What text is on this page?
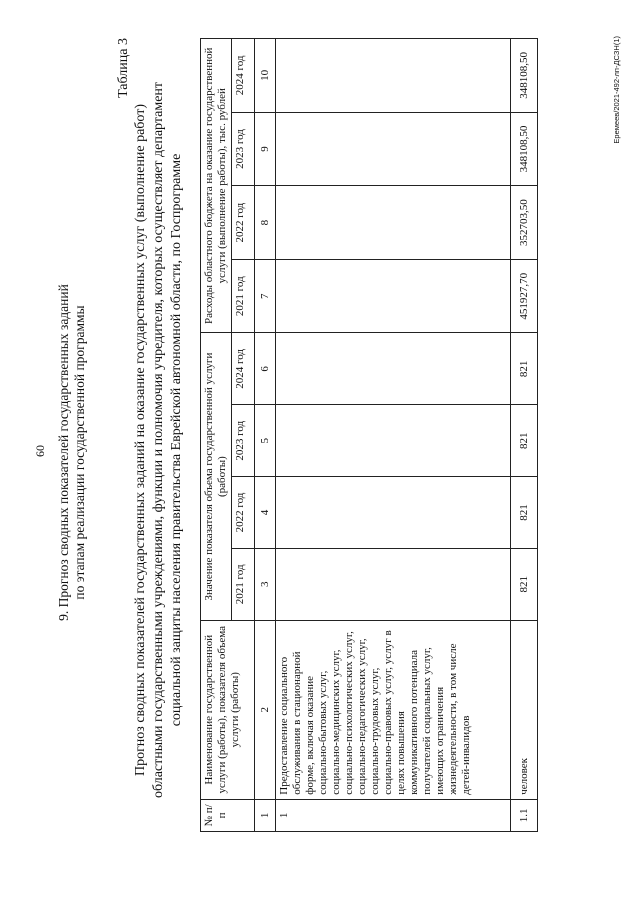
60 9. Прогноз сводных показателей государственных заданий по этапам реализации государственной программы
Таблица 3
Прогноз сводных показателей государственных заданий на оказание государственных услуг (выполнение работ) областными государственными учреждениями, функции и полномочия учредителя, которых осуществляет департамент социальной защиты населения правительства Еврейской автономной области, по Госпрограмме
№ п/п	Наименование государственной услуги (работы), показателя объема услуги (работы)	Значение показателя объема государственной услуги (работы)				Расходы областного бюджета на оказание государственной услуги (выполнение работы), тыс. рублей			
		2021 год	2022 год	2023 год	2024 год	2021 год	2022 год	2023 год	2024 год
1	2	3	4	5	6	7	8	9	10
1	Предоставление социального обслуживания в стационарной форме, включая оказание социально-бытовых услуг, социально-медицинских услуг, социально-психологических услуг, социально-педагогических услуг, социально-трудовых услуг, социально-правовых услуг, услуг в целях повышения коммуникативного потенциала получателей социальных услуг, имеющих ограничения жизнедеятельности, в том числе детей-инвалидов								
1.1	человек	821	821	821	821	451927,70	352703,50	348108,50	348108,50	Еремеев/2021-492-лп-ДСЗН(1)
